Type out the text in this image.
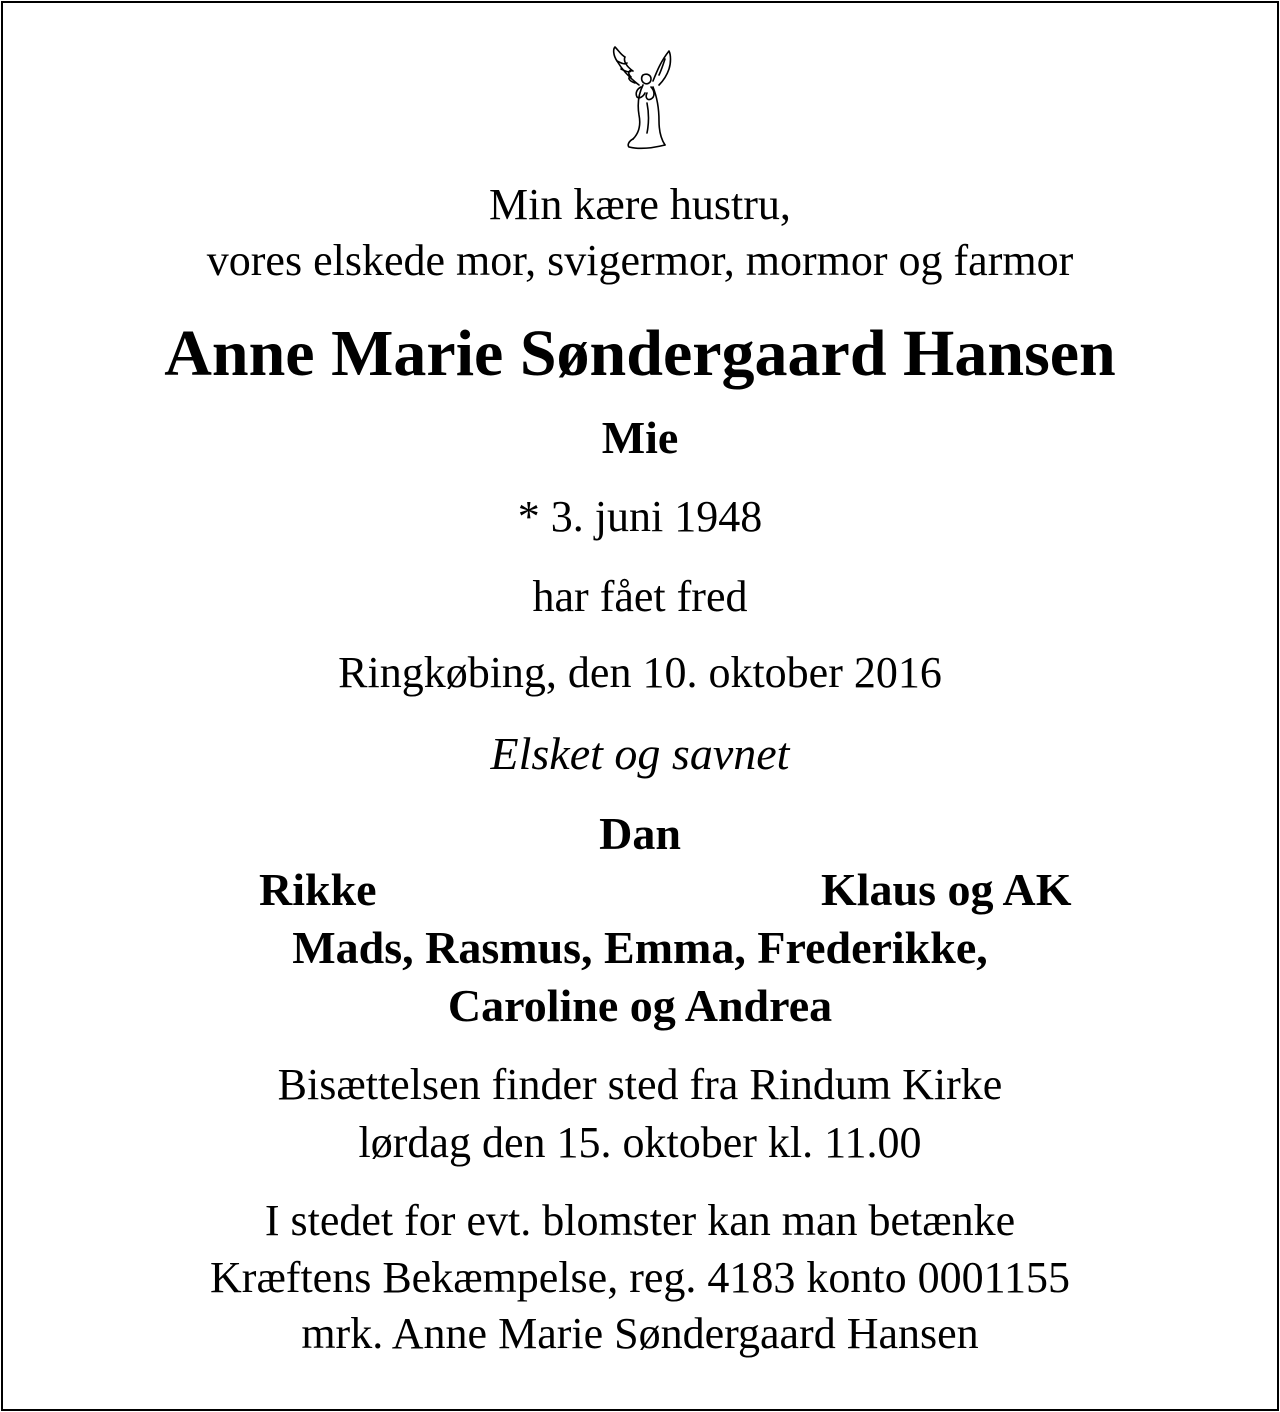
Min kære hustru,
vores elskede mor, svigermor, mormor og farmor
Anne Marie Søndergaard Hansen
Mie
* 3. juni 1948
har fået fred
Ringkøbing, den 10. oktober 2016
Elsket og savnet
Dan
Rikke	Klaus og AK
Mads, Rasmus, Emma, Frederikke,
Caroline og Andrea
Bisættelsen finder sted fra Rindum Kirke
lørdag den 15. oktober kl. 11.00
I stedet for evt. blomster kan man betænke
Kræftens Bekæmpelse, reg. 4183 konto 0001155
mrk. Anne Marie Søndergaard Hansen
